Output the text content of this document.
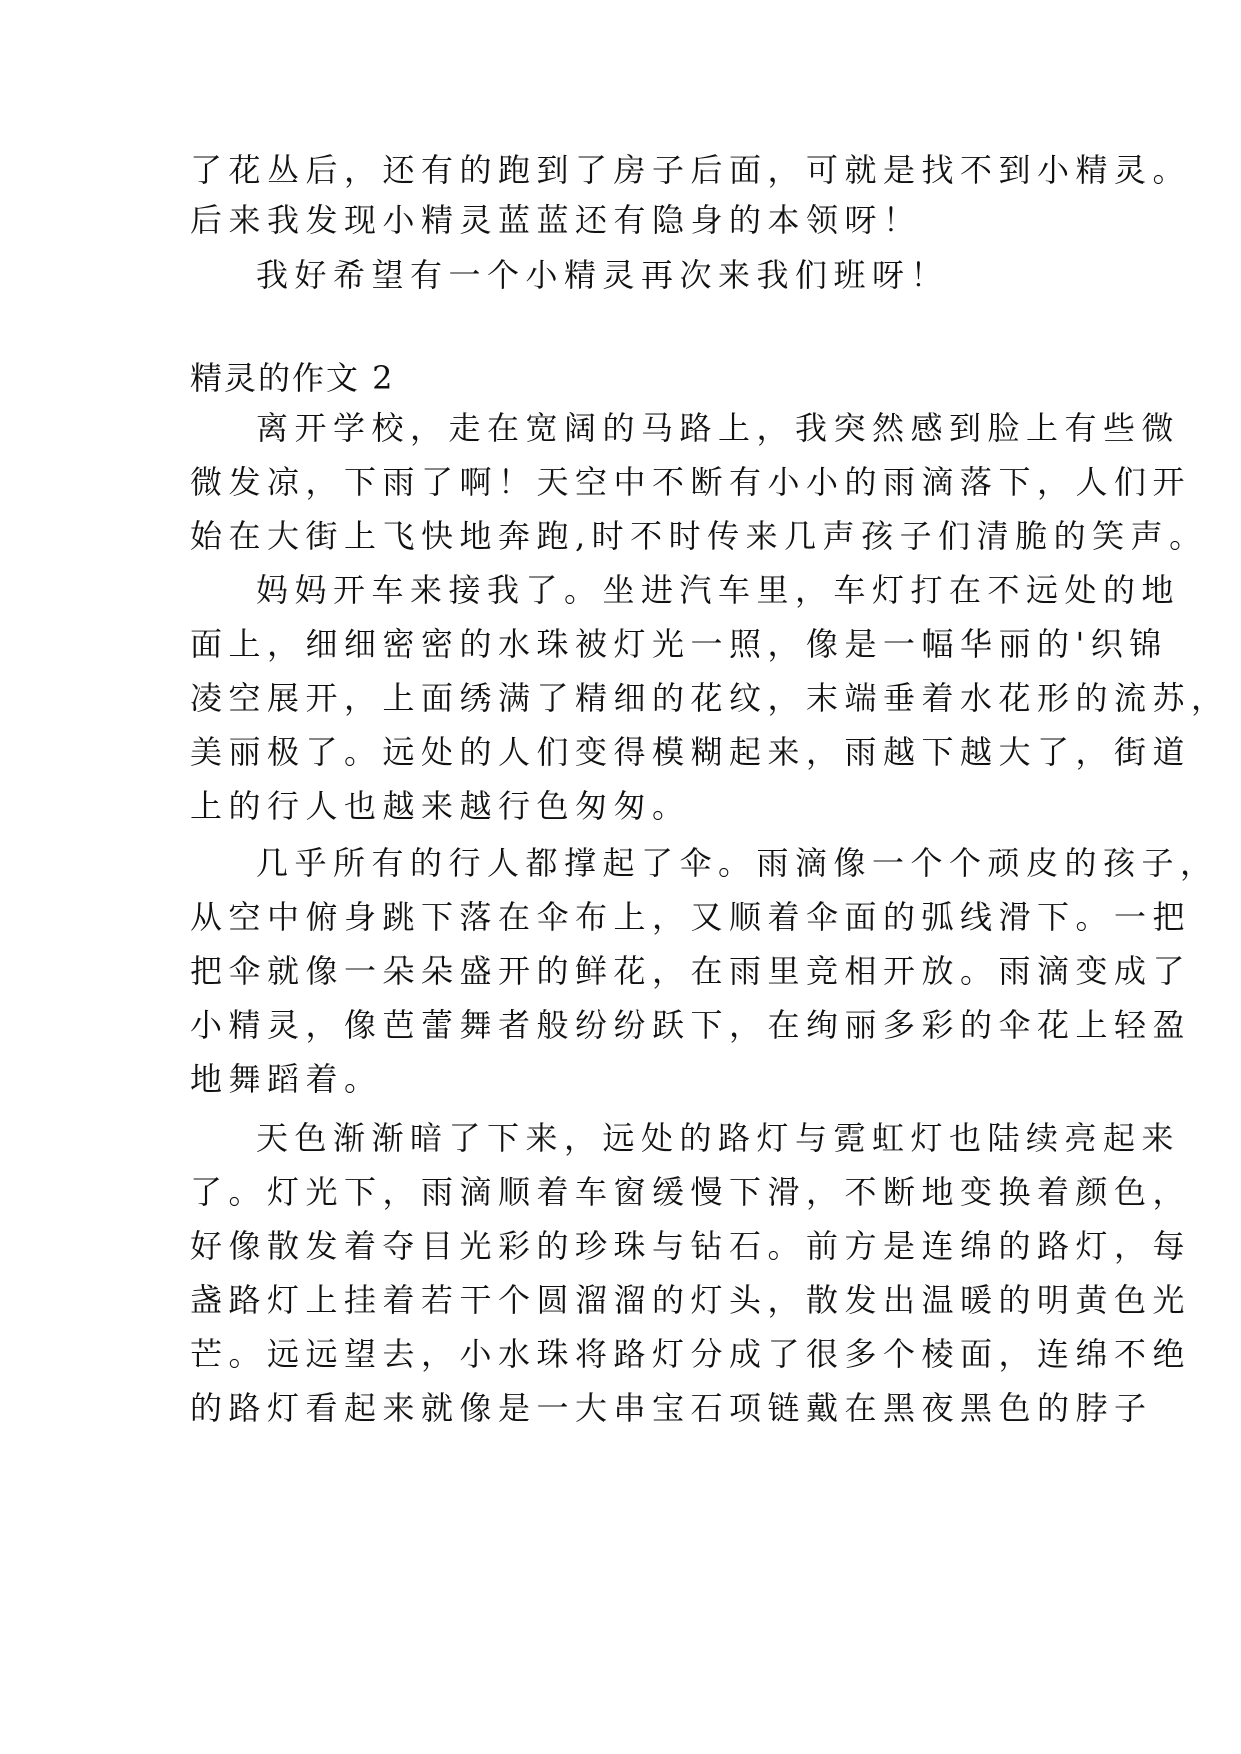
了花丛后，还有的跑到了房子后面，可就是找不到小精灵。
后来我发现小精灵蓝蓝还有隐身的本领呀！
我好希望有一个小精灵再次来我们班呀！
精灵的作文 2
离开学校，走在宽阔的马路上，我突然感到脸上有些微
微发凉，下雨了啊！天空中不断有小小的雨滴落下，人们开
始在大街上飞快地奔跑,时不时传来几声孩子们清脆的笑声。
妈妈开车来接我了。坐进汽车里，车灯打在不远处的地
面上，细细密密的水珠被灯光一照，像是一幅华丽的'织锦
凌空展开，上面绣满了精细的花纹，末端垂着水花形的流苏，
美丽极了。远处的人们变得模糊起来，雨越下越大了，街道
上的行人也越来越行色匆匆。
几乎所有的行人都撑起了伞。雨滴像一个个顽皮的孩子，
从空中俯身跳下落在伞布上，又顺着伞面的弧线滑下。一把
把伞就像一朵朵盛开的鲜花，在雨里竞相开放。雨滴变成了
小精灵，像芭蕾舞者般纷纷跃下，在绚丽多彩的伞花上轻盈
地舞蹈着。
天色渐渐暗了下来，远处的路灯与霓虹灯也陆续亮起来
了。灯光下，雨滴顺着车窗缓慢下滑，不断地变换着颜色，
好像散发着夺目光彩的珍珠与钻石。前方是连绵的路灯，每
盏路灯上挂着若干个圆溜溜的灯头，散发出温暖的明黄色光
芒。远远望去，小水珠将路灯分成了很多个棱面，连绵不绝
的路灯看起来就像是一大串宝石项链戴在黑夜黑色的脖子
